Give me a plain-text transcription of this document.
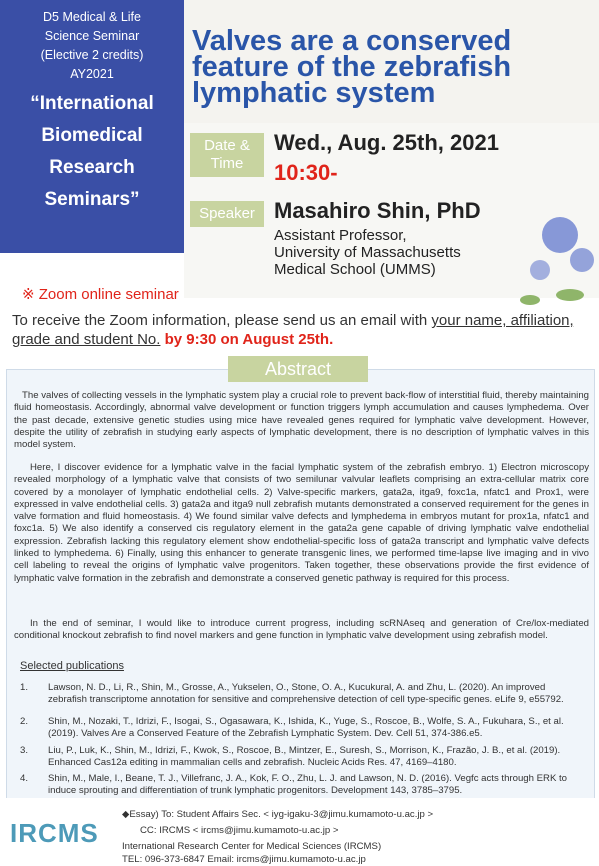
D5 Medical & Life
Science Seminar
(Elective 2 credits)
AY2021
“International
Biomedical
Research
Seminars”
Valves are a conserved
feature of the zebrafish
lymphatic system
Date &
Time
Wed., Aug. 25th, 2021
10:30-
Speaker Masahiro Shin, PhD
Assistant Professor,
University of Massachusetts
Medical School (UMMS)
※ Zoom online seminar
To receive the Zoom information, please send us an email with your name, affiliation, grade and student No. by 9:30 on August 25th.
Abstract
The valves of collecting vessels in the lymphatic system play a crucial role to prevent back-flow of interstitial fluid, thereby maintaining fluid homeostasis. Accordingly, abnormal valve development or function triggers lymph accumulation and causes lymphedema. Over the past decade, extensive genetic studies using mice have revealed genes required for lymphatic valve development. However, despite the utility of zebrafish in studying early aspects of lymphatic development, there is no description of lymphatic valves in this model system.
Here, I discover evidence for a lymphatic valve in the facial lymphatic system of the zebrafish embryo. 1) Electron microscopy revealed morphology of a lymphatic valve that consists of two semilunar valvular leaflets comprising an extra-cellular matrix core covered by a monolayer of lymphatic endothelial cells. 2) Valve-specific markers, gata2a, itga9, foxc1a, nfatc1 and Prox1, were expressed in valve endothelial cells. 3) gata2a and itga9 null zebrafish mutants demonstrated a conserved requirement for the genes in valve formation and fluid homeostasis. 4) We found similar valve defects and lymphedema in embryos mutant for prox1a, nfatc1 and foxc1a. 5) We also identify a conserved cis regulatory element in the gata2a gene capable of driving lymphatic valve endothelial expression. Zebrafish lacking this regulatory element show endothelial-specific loss of gata2a transcript and lymphatic valve defects linked to lymphedema. 6) Finally, using this enhancer to generate transgenic lines, we performed time-lapse live imaging and in vivo cell labeling to reveal the origins of lymphatic valve progenitors. Taken together, these observations provide the first evidence of lymphatic valve formation in the zebrafish and demonstrate a conserved genetic pathway is required for this process.
In the end of seminar, I would like to introduce current progress, including scRNAseq and generation of Cre/lox-mediated conditional knockout zebrafish to find novel markers and gene function in lymphatic valve development using zebrafish model.
Selected publications
1. Lawson, N. D., Li, R., Shin, M., Grosse, A., Yukselen, O., Stone, O. A., Kucukural, A. and Zhu, L. (2020). An improved zebrafish transcriptome annotation for sensitive and comprehensive detection of cell type-specific genes. eLife 9, e55792.
2. Shin, M., Nozaki, T., Idrizi, F., Isogai, S., Ogasawara, K., Ishida, K., Yuge, S., Roscoe, B., Wolfe, S. A., Fukuhara, S., et al. (2019). Valves Are a Conserved Feature of the Zebrafish Lymphatic System. Dev. Cell 51, 374-386.e5.
3. Liu, P., Luk, K., Shin, M., Idrizi, F., Kwok, S., Roscoe, B., Mintzer, E., Suresh, S., Morrison, K., Frazão, J. B., et al. (2019). Enhanced Cas12a editing in mammalian cells and zebrafish. Nucleic Acids Res. 47, 4169–4180.
4. Shin, M., Male, I., Beane, T. J., Villefranc, J. A., Kok, F. O., Zhu, L. J. and Lawson, N. D. (2016). Vegfc acts through ERK to induce sprouting and differentiation of trunk lymphatic progenitors. Development 143, 3785–3795.
IRCMS
◆Essay) To: Student Affairs Sec. < iyg-igaku-3@jimu.kumamoto-u.ac.jp >
CC: IRCMS < ircms@jimu.kumamoto-u.ac.jp >
International Research Center for Medical Sciences (IRCMS)
TEL: 096-373-6847 Email: ircms@jimu.kumamoto-u.ac.jp
